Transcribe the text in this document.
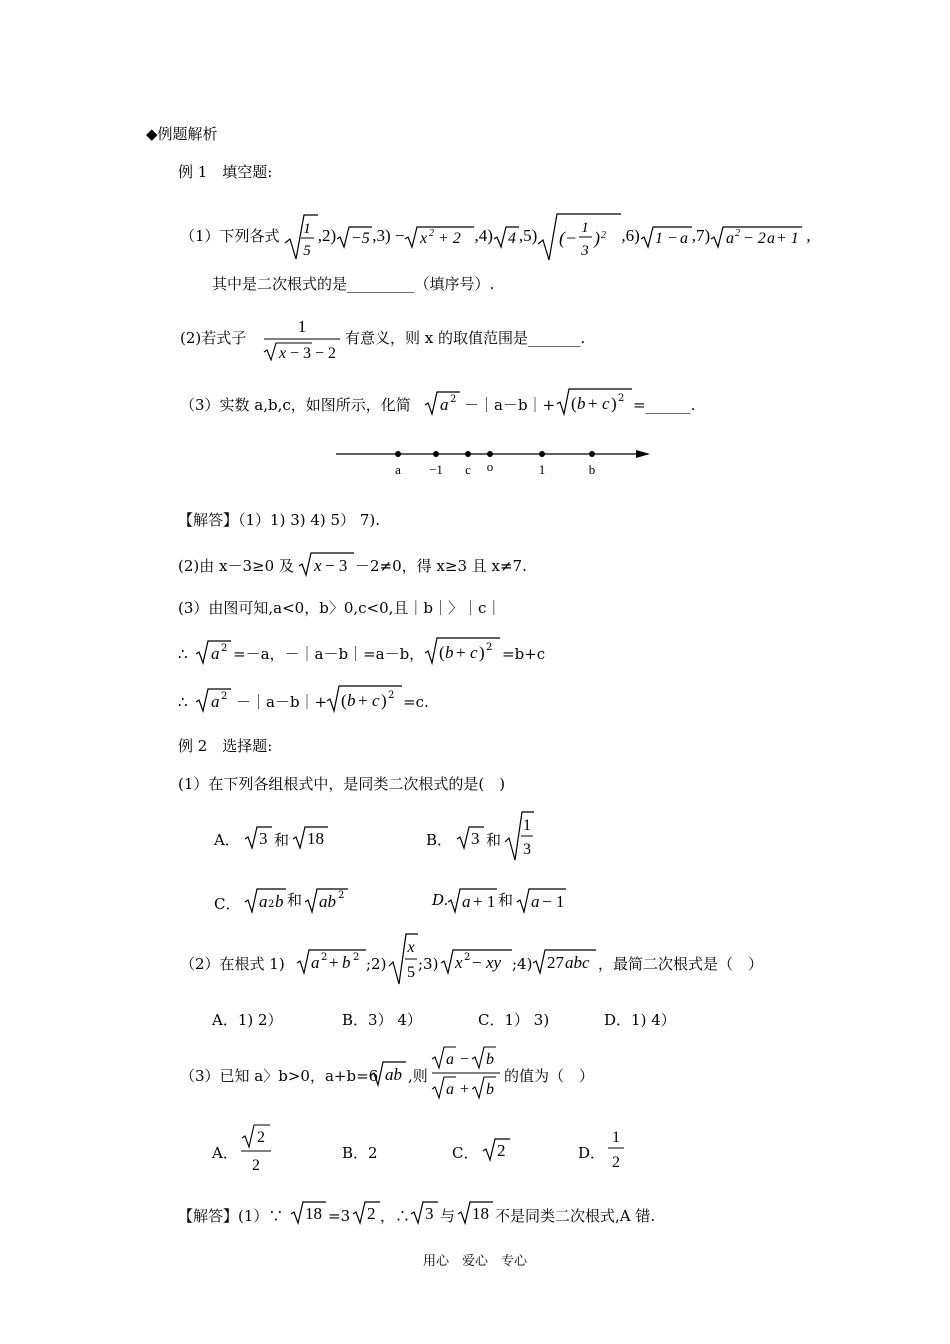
◆例题解析
例 1　填空题:
（1）下列各式 1
5
,2) −5 ,3) − x 2 + 2 ,4) 4 ,5) (− 1
3
) 2 ,6) 1 − a ,7) a 2 − 2 a + 1 ,
其中是二次根式的是_________（填序号）.
(2)若式子
1
x − 3 − 2
有意义，则 x 的取值范围是_______.
（3）实数 a,b,c，如图所示，化简 a 2 －｜a－b｜+ ( b + c ) 2 =______.
a −1 c o	1	b
【解答】（1）1) 3) 4) 5） 7).
(2)由 x－3≥0 及 x − 3 －2≠0，得 x≥3 且 x≠7.
(3）由图可知,a<0，b〉0,c<0,且｜b｜〉｜c｜
∴ a 2 =－a，－｜a－b｜=a－b， ( b + c ) 2 =b+c
∴ a 2 －｜a－b｜+ ( b + c ) 2 =c.
例 2　选择题:
(1）在下列各组根式中，是同类二次根式的是(　)
A． 3 和 18	B． 3 和
1
3
C． a 2 b 和 ab 2	D. a + 1 和 a − 1
（2）在根式 1) a 2 + b 2 ;2)
x
5 ;3) x 2 − xy ;4) 27 abc ，最简二次根式是（　）
A．1) 2）	B．3） 4）	C．1） 3)	D．1) 4）
（3）已知 a〉b>0，a+b=6 ab ,则
a − b
a + b
的值为（　）
A．
2
2
B．2	C． 2	D．
1
2
【解答】(1）∵ 18 =3 2 ，∴ 3 与 18 不是同类二次根式,A 错.
用心　爱心　专心
